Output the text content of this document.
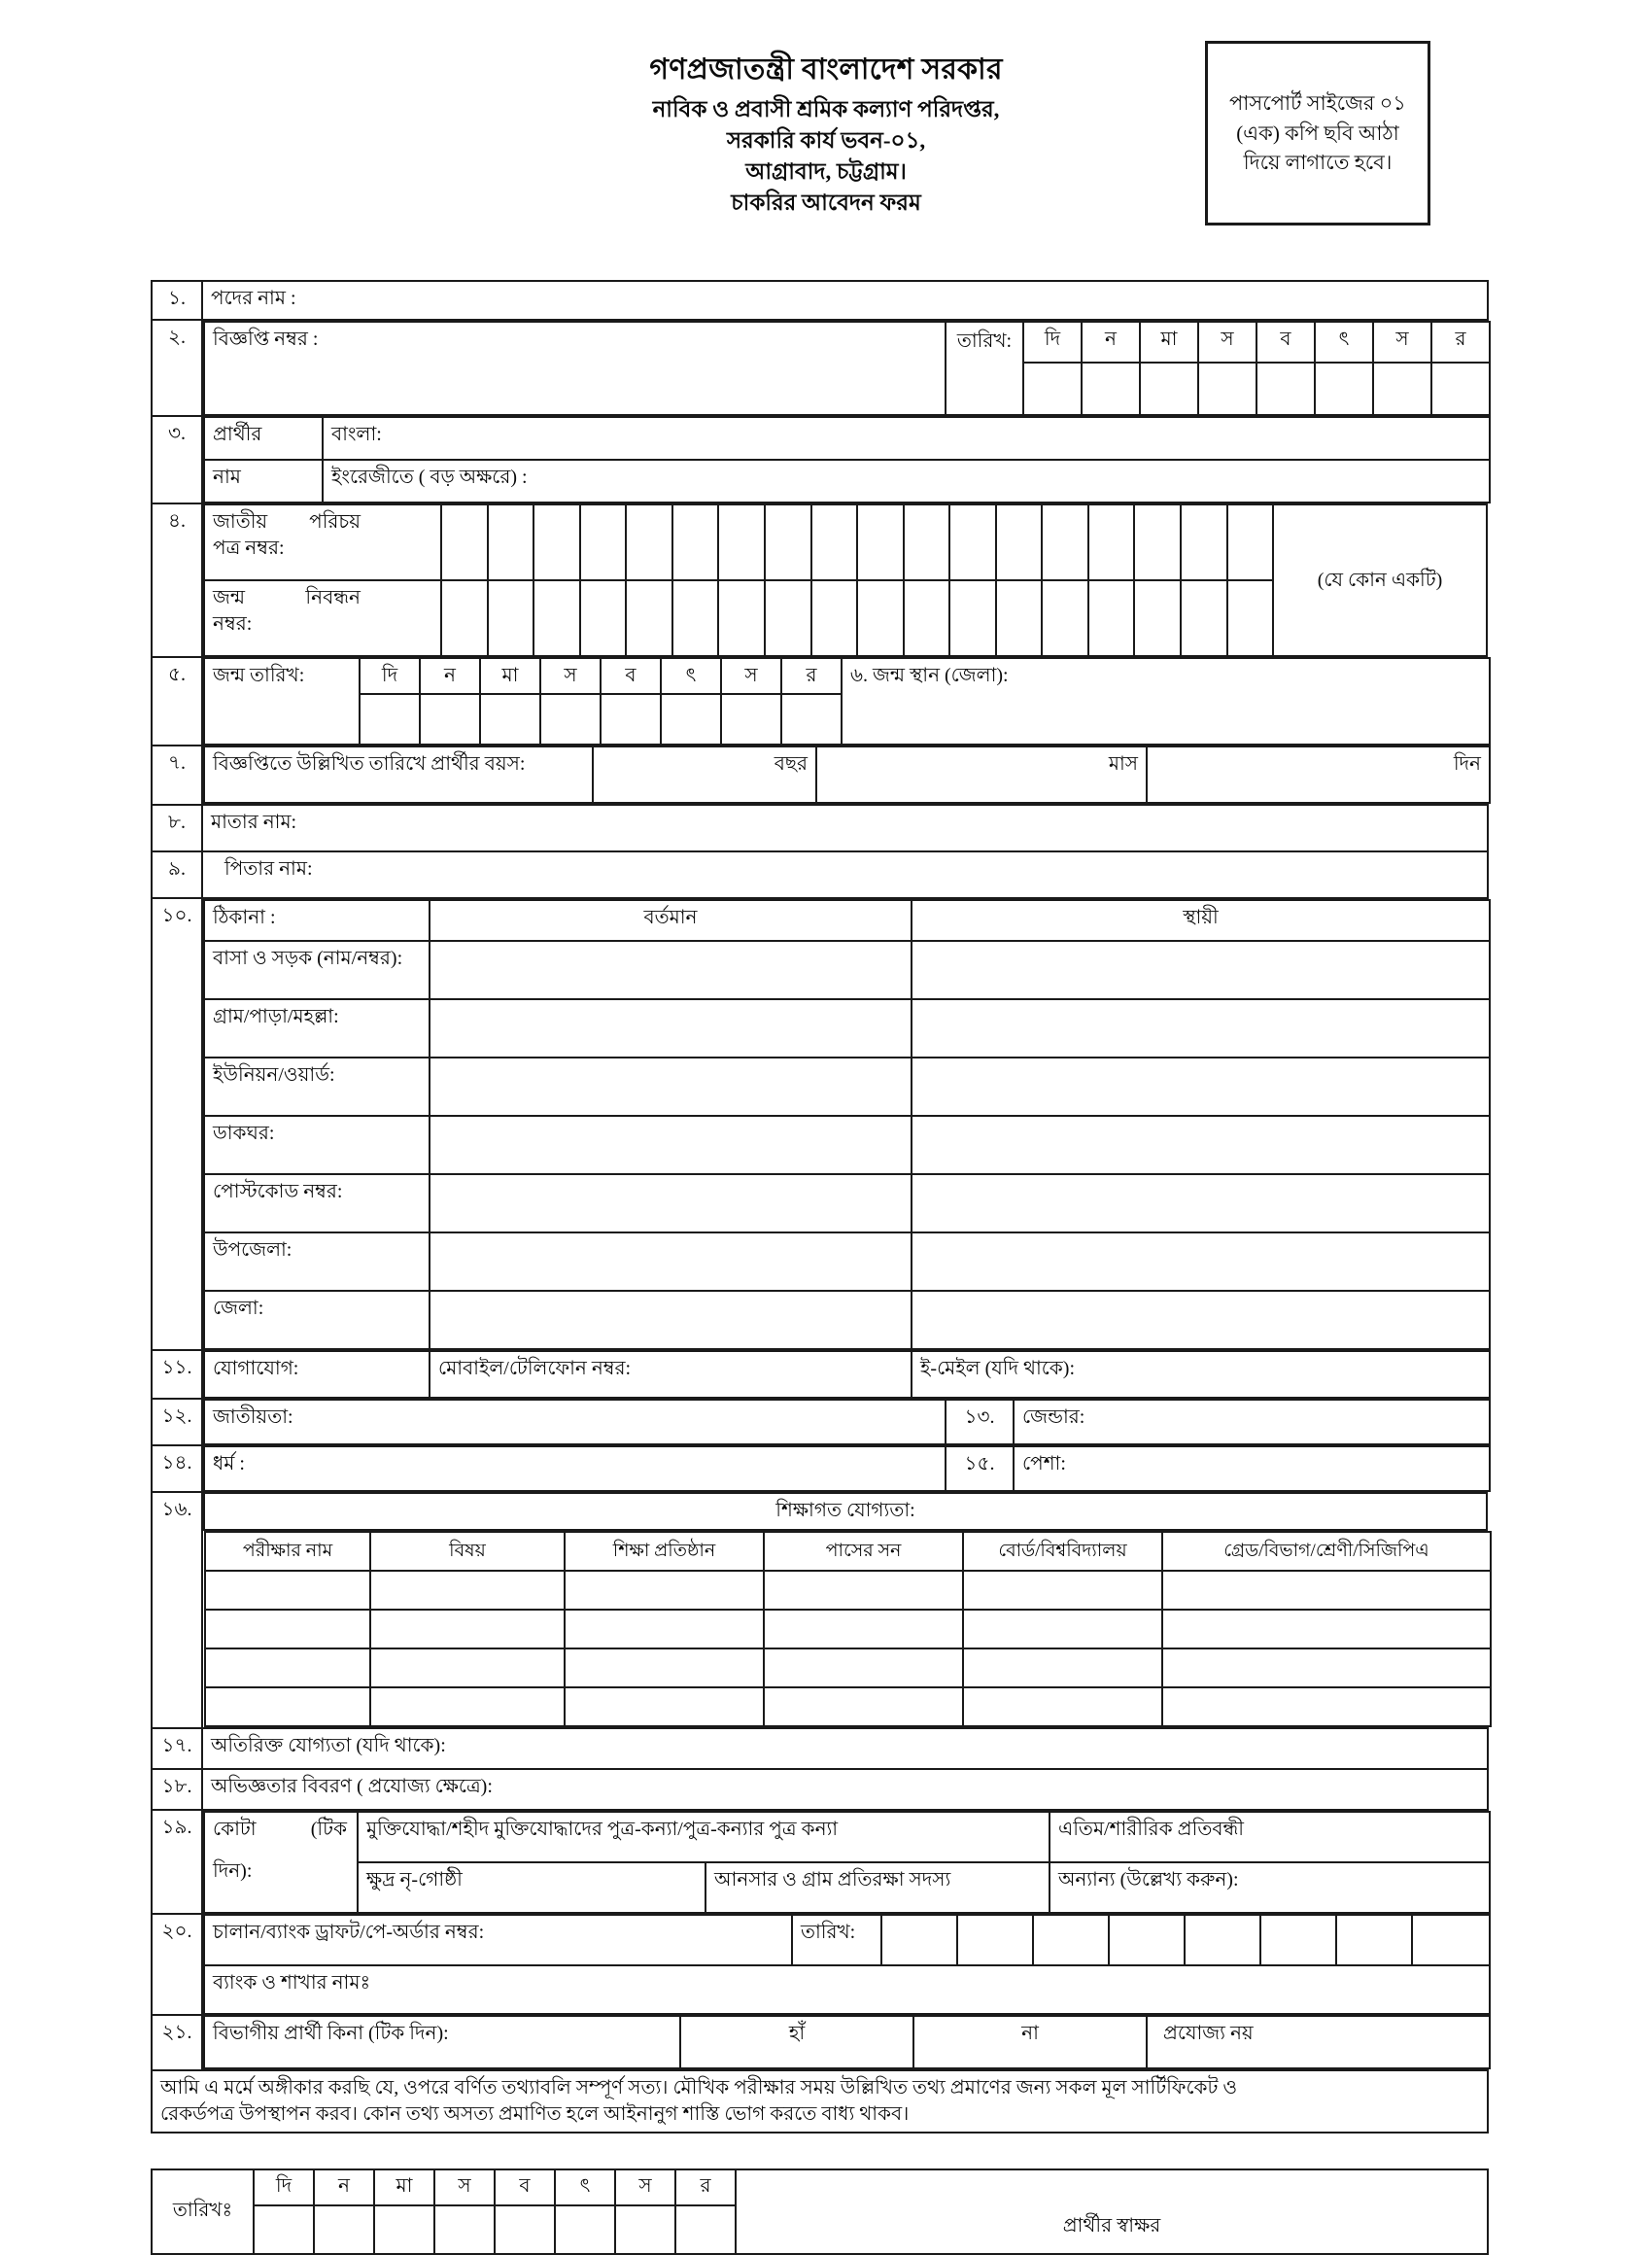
গণপ্রজাতন্ত্রী বাংলাদেশ সরকার
নাবিক ও প্রবাসী শ্রমিক কল্যাণ পরিদপ্তর,
সরকারি কার্য ভবন-০১,
আগ্রাবাদ, চট্টগ্রাম।
চাকরির আবেদন ফরম
পাসপোর্ট সাইজের ০১
(এক) কপি ছবি আঠা
দিয়ে লাগাতে হবে।
১.	পদের নাম :
২.	বিজ্ঞপ্তি নম্বর :	তারিখ:	দি	ন	মা	স	ব	ৎ	স	র

৩.	প্রার্থীর	বাংলা:
নাম	ইংরেজীতে ( বড় অক্ষরে) :

৪.	জাতীয় পরিচয়
পত্র নম্বর:
																			(যে কোন একটি)

জন্ম	নিবন্ধন
নম্বর:

৫.	জন্ম তারিখ:	দি	ন	মা	স	ব	ৎ	স	র	৬. জন্ম স্থান (জেলা):

৭.	বিজ্ঞপ্তিতে উল্লিখিত তারিখে প্রার্থীর বয়স:	বছর	মাস	দিন

৮.	মাতার নাম:
৯.	পিতার নাম:
১০.	ঠিকানা :	বর্তমান	স্থায়ী
বাসা ও সড়ক (নাম/নম্বর):		
গ্রাম/পাড়া/মহল্লা:		
ইউনিয়ন/ওয়ার্ড:		
ডাকঘর:		
পোস্টকোড নম্বর:		
উপজেলা:		
জেলা:		

১১.	যোগাযোগ:	মোবাইল/টেলিফোন নম্বর:	ই-মেইল (যদি থাকে):

১২.	জাতীয়তা:	১৩.	জেন্ডার:

১৪.	ধর্ম :	১৫.	পেশা:

১৬.		শিক্ষাগত যোগ্যতা:

পরীক্ষার নাম	বিষয়	শিক্ষা প্রতিষ্ঠান	পাসের সন	বোর্ড/বিশ্ববিদ্যালয়	গ্রেড/বিভাগ/শ্রেণী/সিজিপিএ

১৭.	অতিরিক্ত যোগ্যতা (যদি থাকে):
১৮.	অভিজ্ঞতার বিবরণ ( প্রযোজ্য ক্ষেত্রে):
১৯.	কোটা	(টিক
দিন):
	মুক্তিযোদ্ধা/শহীদ মুক্তিযোদ্ধাদের পুত্র-কন্যা/পুত্র-কন্যার পুত্র কন্যা	এতিম/শারীরিক প্রতিবন্ধী
ক্ষুদ্র নৃ-গোষ্ঠী	আনসার ও গ্রাম প্রতিরক্ষা সদস্য	অন্যান্য (উল্লেখ্য করুন):

২০.	চালান/ব্যাংক ড্রাফট/পে-অর্ডার নম্বর:	তারিখ:								
ব্যাংক ও শাখার নামঃ

২১.	বিভাগীয় প্রার্থী কিনা (টিক দিন):	হাঁ	না	প্রযোজ্য নয়

আমি এ মর্মে অঙ্গীকার করছি যে, ওপরে বর্ণিত তথ্যাবলি সম্পূর্ণ সত্য। মৌখিক পরীক্ষার সময় উল্লিখিত তথ্য প্রমাণের জন্য সকল মূল সার্টিফিকেট ও
রেকর্ডপত্র উপস্থাপন করব। কোন তথ্য অসত্য প্রমাণিত হলে আইনানুগ শাস্তি ভোগ করতে বাধ্য থাকব।
তারিখঃ	দি	ন	মা	স	ব	ৎ	স	র	প্রার্থীর স্বাক্ষর
